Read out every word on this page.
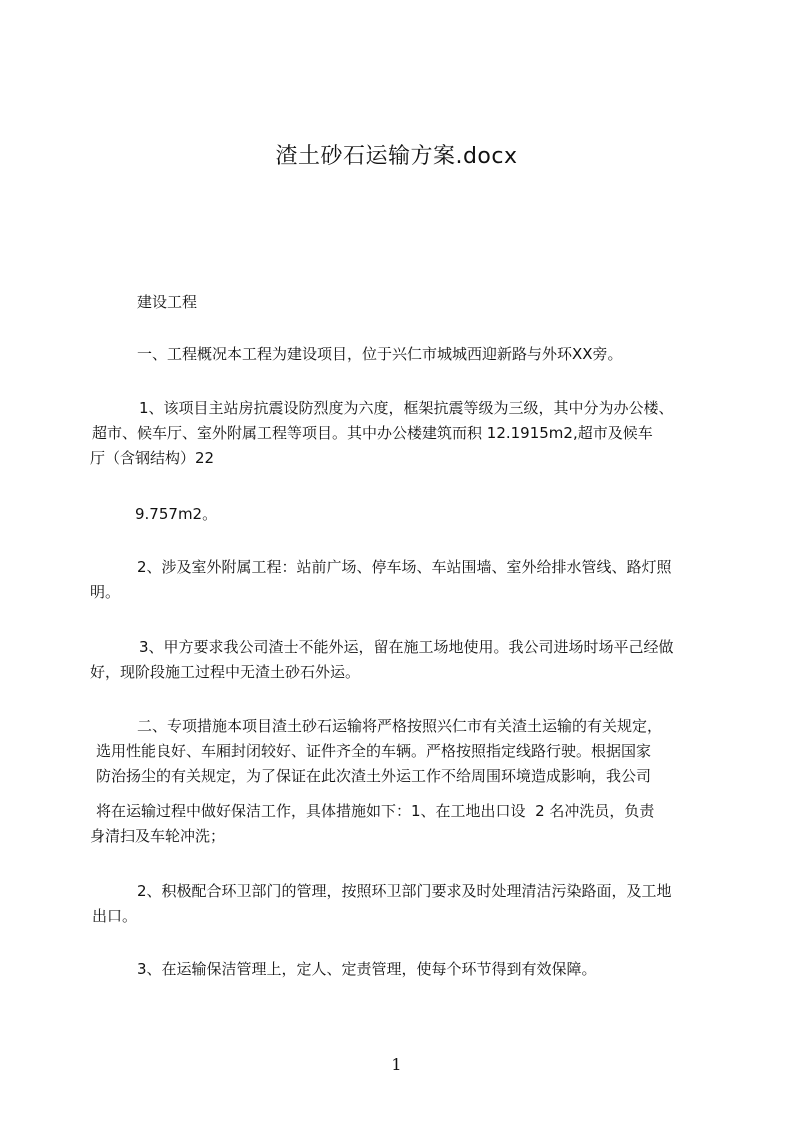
渣土砂石运输方案.docx
建设工程
一、工程概况本工程为建设项目，位于兴仁市城城西迎新路与外环XX旁。
1、该项目主站房抗震设防烈度为六度，框架抗震等级为三级，其中分为办公楼、
超市、候车厅、室外附属工程等项目。其中办公楼建筑而积 12.1915m2,超市及候车
厅（含钢结构）22
9.757m2。
2、涉及室外附属工程：站前广场、停车场、车站围墙、室外给排水管线、路灯照
明。
3、甲方要求我公司渣士不能外运，留在施工场地使用。我公司进场时场平己经做
好，现阶段施工过程中无渣土砂石外运。
二、专项措施本项目渣土砂石运输将严格按照兴仁市有关渣土运输的有关规定，
选用性能良好、车厢封闭较好、证件齐全的车辆。严格按照指定线路行驶。根据国家
防治扬尘的有关规定，为了保证在此次渣土外运工作不给周围环境造成影响，我公司
将在运输过程中做好保洁工作，具体措施如下：1、在工地出口设  2 名冲洗员，负责
身清扫及车轮冲洗；
2、积极配合环卫部门的管理，按照环卫部门要求及时处理清洁污染路面，及工地
出口。
3、在运输保洁管理上，定人、定责管理，使每个环节得到有效保障。
1
